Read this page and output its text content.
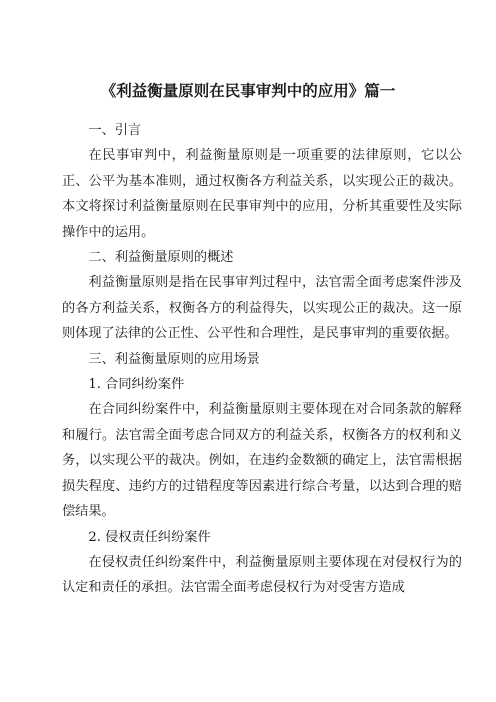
《利益衡量原则在民事审判中的应用》篇一

一、引言

在民事审判中，利益衡量原则是一项重要的法律原则，它以公正、公平为基本准则，通过权衡各方利益关系，以实现公正的裁决。本文将探讨利益衡量原则在民事审判中的应用，分析其重要性及实际操作中的运用。

二、利益衡量原则的概述

利益衡量原则是指在民事审判过程中，法官需全面考虑案件涉及的各方利益关系，权衡各方的利益得失，以实现公正的裁决。这一原则体现了法律的公正性、公平性和合理性，是民事审判的重要依据。

三、利益衡量原则的应用场景

1. 合同纠纷案件

在合同纠纷案件中，利益衡量原则主要体现在对合同条款的解释和履行。法官需全面考虑合同双方的利益关系，权衡各方的权利和义务，以实现公平的裁决。例如，在违约金数额的确定上，法官需根据损失程度、违约方的过错程度等因素进行综合考量，以达到合理的赔偿结果。

2. 侵权责任纠纷案件

在侵权责任纠纷案件中，利益衡量原则主要体现在对侵权行为的认定和责任的承担。法官需全面考虑侵权行为对受害方造成
